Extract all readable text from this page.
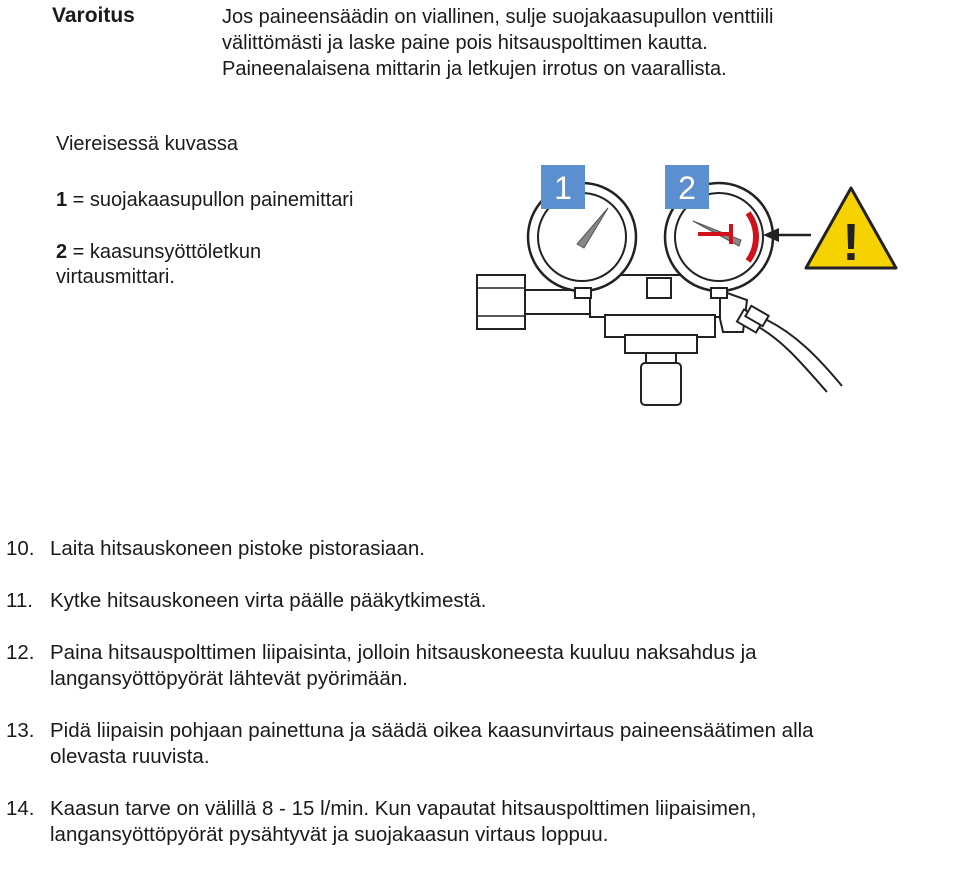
Varoitus	Jos paineensäädin on viallinen, sulje suojakaasupullon venttiili
välittömästi ja laske paine pois hitsauspolttimen kautta.
Paineenalaisena mittarin ja letkujen irrotus on vaarallista.
Viereisessä kuvassa
1 = suojakaasupullon painemittari
2 = kaasunsyöttöletkun
virtausmittari.
1	2
!
10. Laita hitsauskoneen pistoke pistorasiaan.
11. Kytke hitsauskoneen virta päälle pääkytkimestä.
12. Paina hitsauspolttimen liipaisinta, jolloin hitsauskoneesta kuuluu naksahdus ja
langansyöttöpyörät lähtevät pyörimään.
13. Pidä liipaisin pohjaan painettuna ja säädä oikea kaasunvirtaus paineensäätimen alla
olevasta ruuvista.
14. Kaasun tarve on välillä 8 - 15 l/min. Kun vapautat hitsauspolttimen liipaisimen,
langansyöttöpyörät pysähtyvät ja suojakaasun virtaus loppuu.
